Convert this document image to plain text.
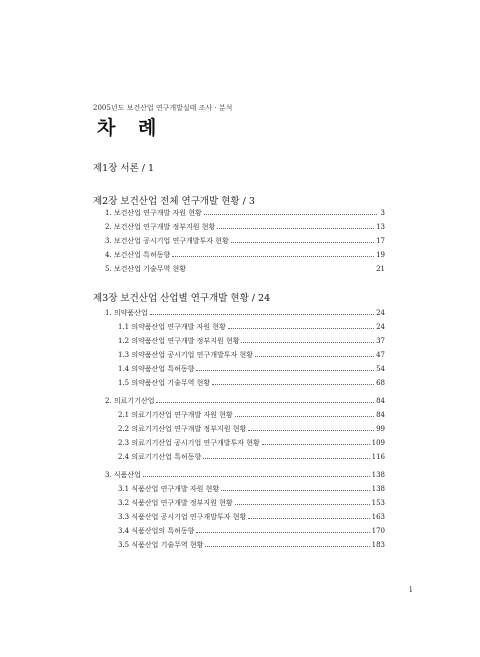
2005년도 보건산업 연구개발실태 조사 · 분석
차 례
제1장 서론 / 1
제2장 보건산업 전체 연구개발 현황 / 3
1. 보건산업 연구개발 자원 현황	3
2. 보건산업 연구개발 정부지원 현황	13
3. 보건산업 공시기업 연구개발투자 현황	17
4. 보건산업 특허동향	19
5. 보건산업 기술무역 현황	21
제3장 보건산업 산업별 연구개발 현황 / 24
1. 의약품산업	24
1.1 의약품산업 연구개발 자원 현황	24
1.2 의약품산업 연구개발 정부지원 현황	37
1.3 의약품산업 공시기업 연구개발투자 현황	47
1.4 의약품산업 특허동향	54
1.5 의약품산업 기술무역 현황	68
2. 의료기기산업	84
2.1 의료기기산업 연구개발 자원 현황	84
2.2 의료기기산업 연구개발 정부지원 현황	99
2.3 의료기기산업 공시기업 연구개발투자 현황	109
2.4 의료기기산업 특허동향	116
3. 식품산업	138
3.1 식품산업 연구개발 자원 현황	138
3.2 식품산업 연구개발 정부지원 현황	153
3.3 식품산업 공시기업 연구개발투자 현황	163
3.4 식품산업의 특허동향	170
3.5 식품산업 기술무역 현황	183
i
